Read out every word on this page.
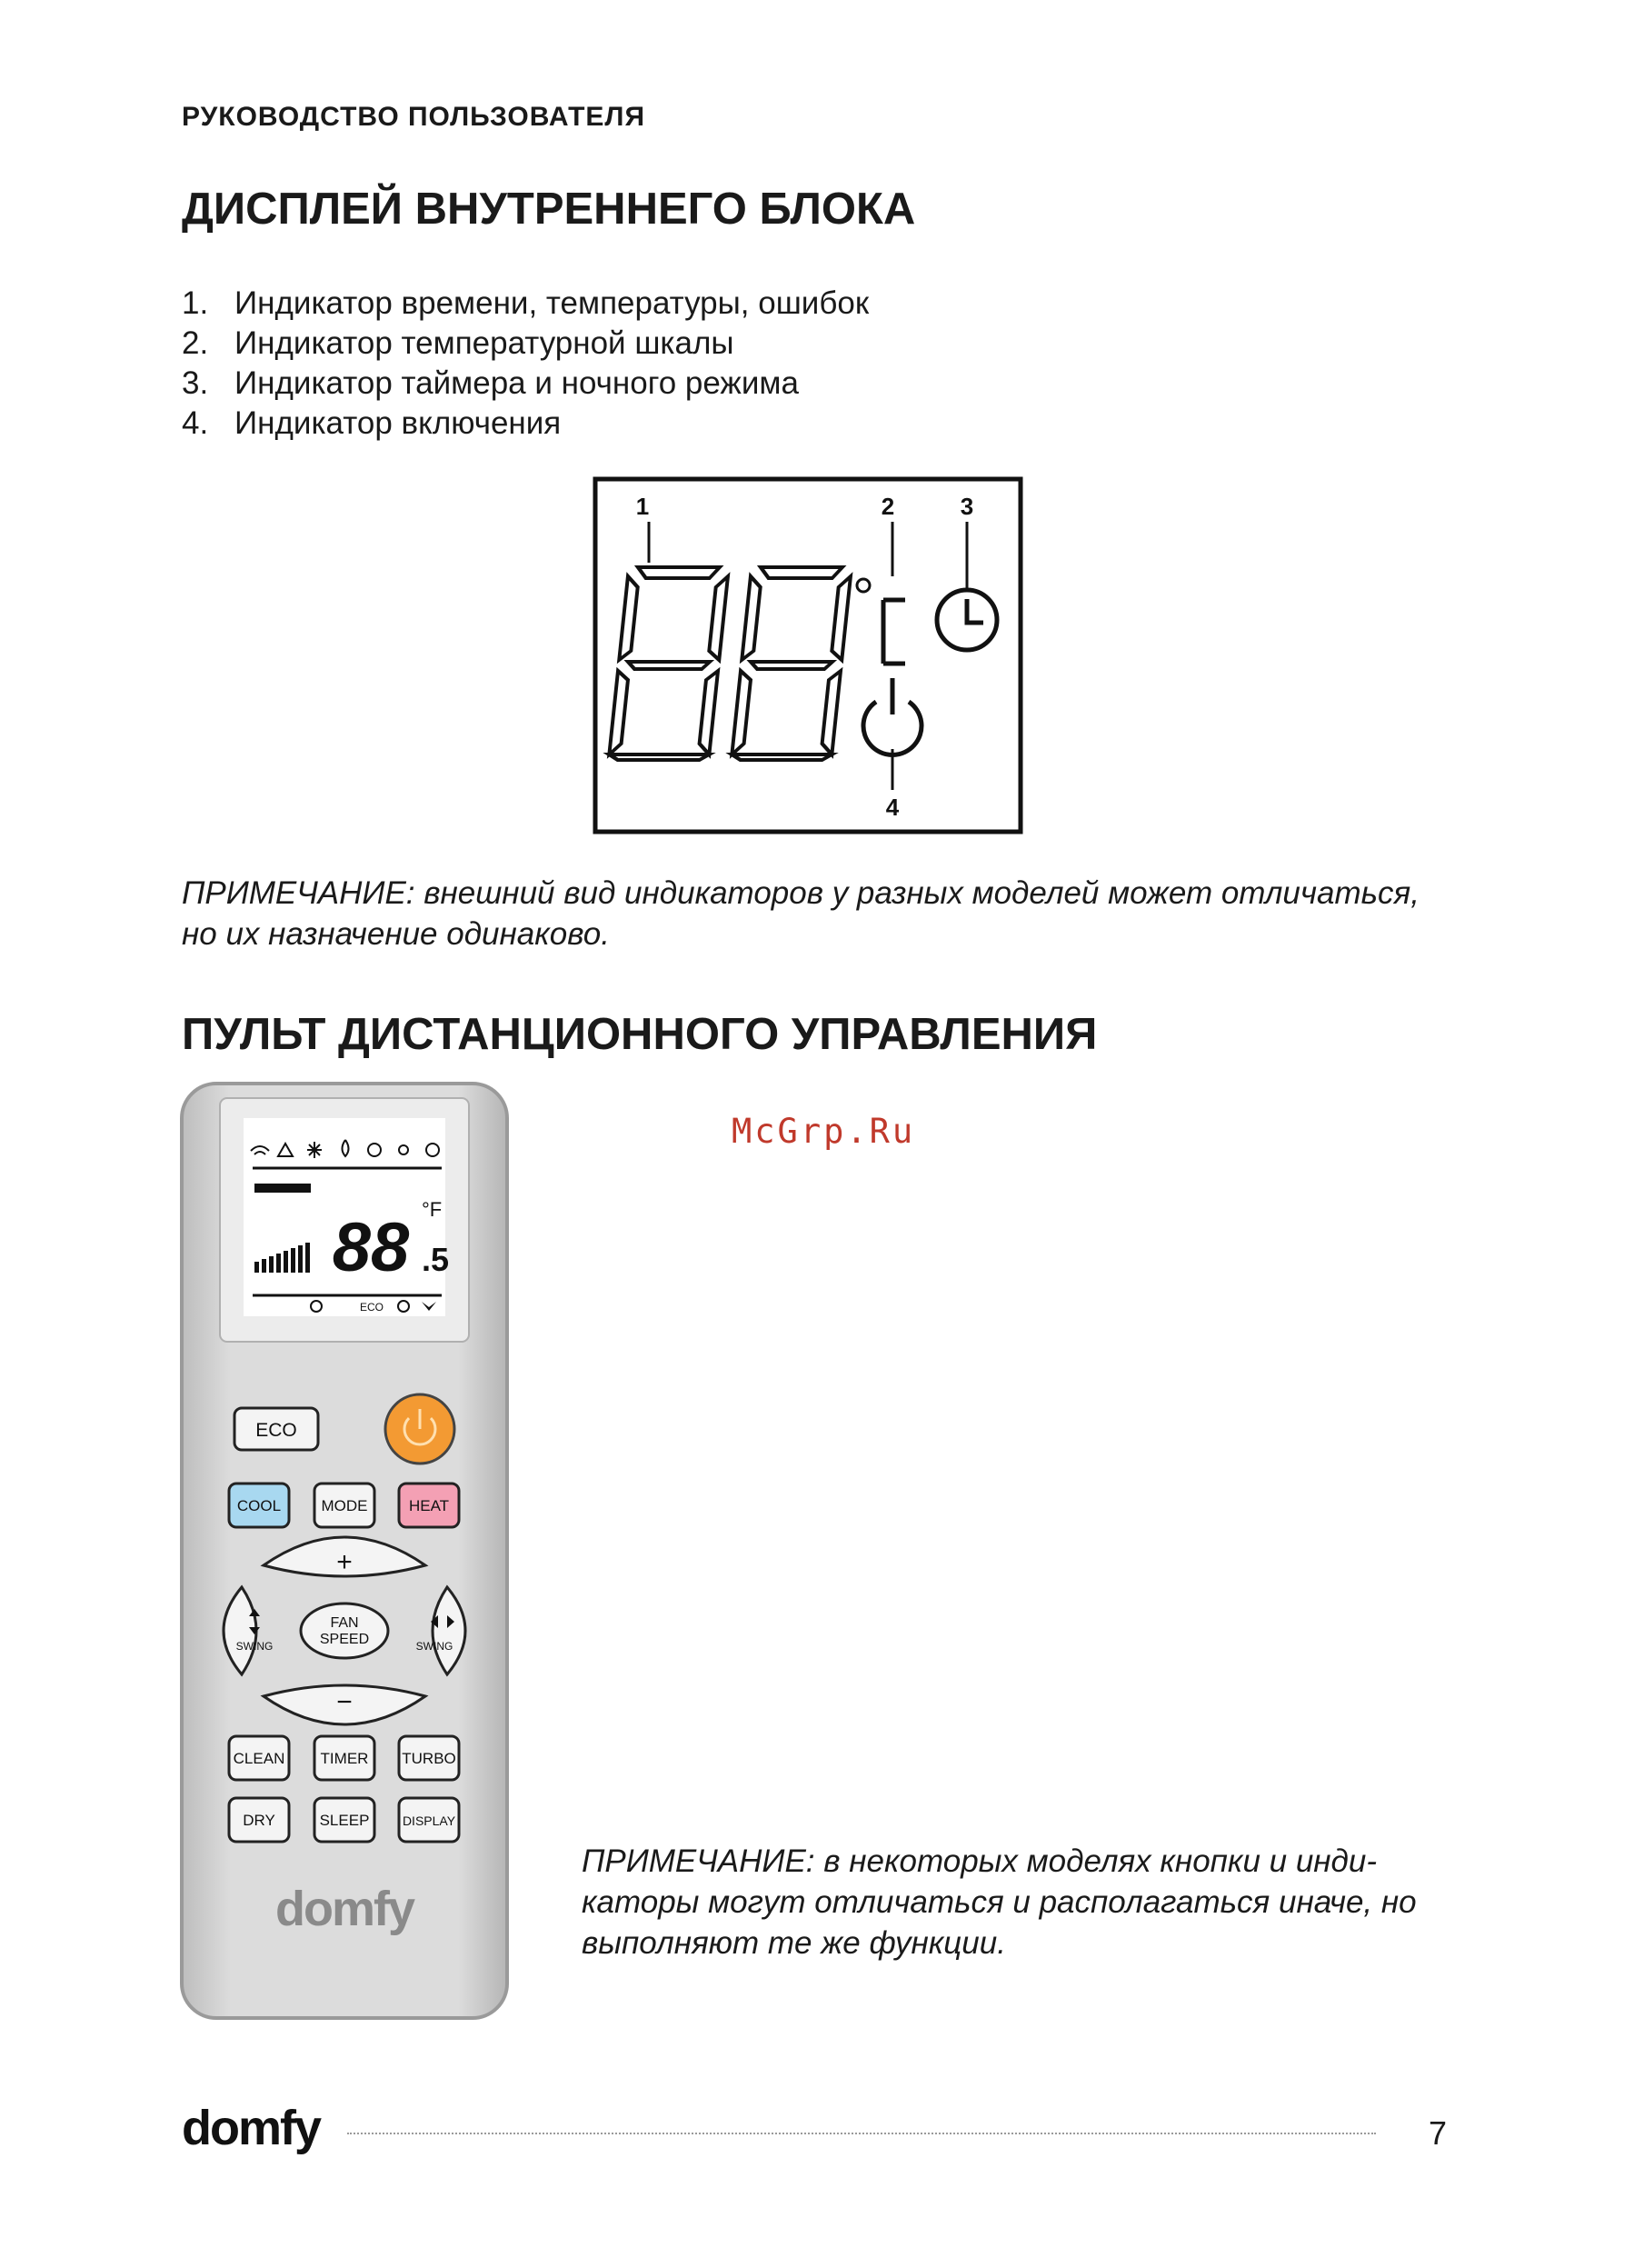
РУКОВОДСТВО ПОЛЬЗОВАТЕЛЯ
ДИСПЛЕЙ ВНУТРЕННЕГО БЛОКА
1. Индикатор времени, температуры, ошибок
2. Индикатор температурной шкалы
3. Индикатор таймера и ночного режима
4. Индикатор включения
1	2	3
4
ПРИМЕЧАНИЕ: внешний вид индикаторов у разных моделей может отличаться,
но их назначение одинаково.
ПУЛЬТ ДИСТАНЦИОННОГО УПРАВЛЕНИЯ
McGrp.Ru
88 .5
°F
ECO
ECO
COOL	MODE	HEAT
+
−
SWING	SWING
FAN
SPEED
CLEAN TIMER TURBO
DRY	SLEEP	DISPLAY
domfy
ПРИМЕЧАНИЕ: в некоторых моделях кнопки и инди-
каторы могут отличаться и располагаться иначе, но
выполняют те же функции.
domfy	7
